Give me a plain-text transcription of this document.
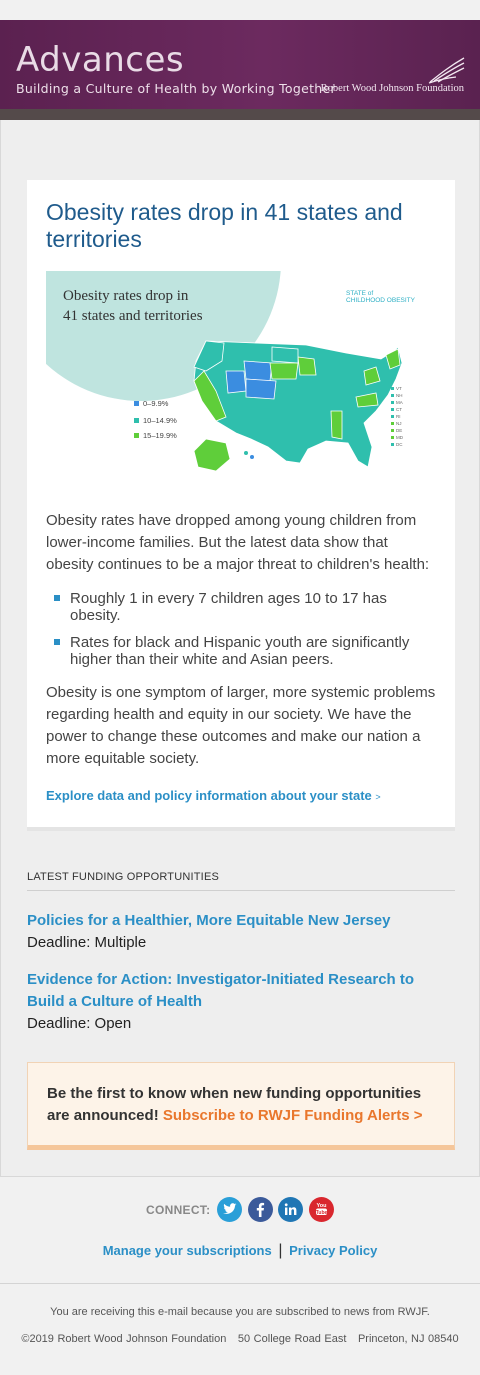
Advances
Building a Culture of Health by Working Together
Robert Wood Johnson Foundation
Obesity rates drop in 41 states and territories
Obesity rates drop in
41 states and territories
STATE of
CHILDHOOD OBESITY
0–9.9%
10–14.9%
15–19.9%
VT
NH
MA
CT
RI
NJ
DE
MD
DC

Obesity rates have dropped among young children from lower-income families. But the latest data show that obesity continues to be a major threat to children's health:

Roughly 1 in every 7 children ages 10 to 17 has obesity.
Rates for black and Hispanic youth are significantly higher than their white and Asian peers.

Obesity is one symptom of larger, more systemic problems regarding health and equity in our society. We have the power to change these outcomes and make our nation a more equitable society.

Explore data and policy information about your state >
LATEST FUNDING OPPORTUNITIES
Policies for a Healthier, More Equitable New Jersey
Deadline: Multiple
Evidence for Action: Investigator-Initiated Research to Build a Culture of Health
Deadline: Open
Be the first to know when new funding opportunities are announced! Subscribe to RWJF Funding Alerts >
CONNECT:	You
Tube
Manage your subscriptions | Privacy Policy
You are receiving this e-mail because you are subscribed to news from RWJF.
©2019 Robert Wood Johnson Foundation 50 College Road East Princeton, NJ 08540
